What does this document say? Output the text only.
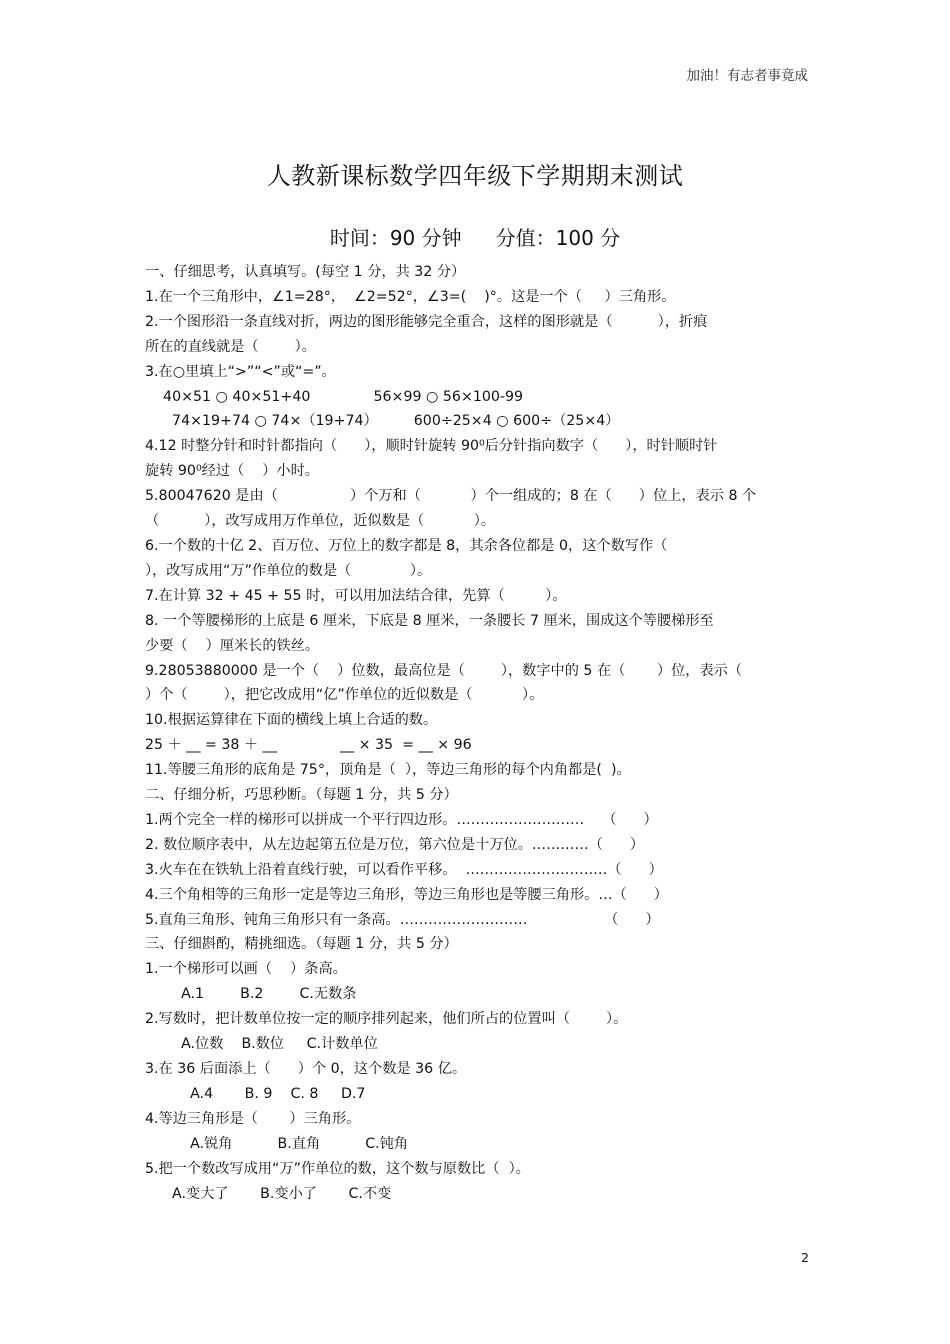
加油！有志者事竟成
人教新课标数学四年级下学期期末测试
时间：90 分钟 分值：100 分
一、仔细思考，认真填写。(每空 1 分，共 32 分）
1.在一个三角形中，∠1=28°，  ∠2=52°，∠3=(    )°。这是一个（     ）三角形。
2.一个图形沿一条直线对折，两边的图形能够完全重合，这样的图形就是（          ），折痕
所在的直线就是（        ）。
3.在○里填上“>”“<”或“=”。
40×51 ○ 40×51+40              56×99 ○ 56×100-99
74×19+74 ○ 74×（19+74）        600÷25×4 ○ 600÷（25×4）
4.12 时整分针和时针都指向（      ），顺时针旋转 90⁰后分针指向数字（      ），时针顺时针
旋转 90⁰经过（    ）小时。
5.80047620 是由（                ）个万和（           ）个一组成的；8 在（      ）位上，表示 8 个
（          ），改写成用万作单位，近似数是（           ）。
6.一个数的十亿 2、百万位、万位上的数字都是 8，其余各位都是 0，这个数写作（
），改写成用“万”作单位的数是（             ）。
7.在计算 32 + 45 + 55 时，可以用加法结合律，先算（         ）。
8. 一个等腰梯形的上底是 6 厘米，下底是 8 厘米，一条腰长 7 厘米，围成这个等腰梯形至
少要（    ）厘米长的铁丝。
9.28053880000 是一个（    ）位数，最高位是（        ），数字中的 5 在（       ）位，表示（
）个（        ），把它改成用“亿”作单位的近似数是（           ）。
10.根据运算律在下面的横线上填上合适的数。
25 ＋ __ = 38 ＋ __              __ × 35  = __ × 96
11.等腰三角形的底角是 75°，顶角是（  ），等边三角形的每个内角都是(  )。
二、仔细分析，巧思秒断。（每题 1 分，共 5 分）
1.两个完全一样的梯形可以拼成一个平行四边形。………………………    （      ）
2. 数位顺序表中，从左边起第五位是万位，第六位是十万位。…………（      ）
3.火车在在铁轨上沿着直线行驶，可以看作平移。  …………………………（      ）
4.三个角相等的三角形一定是等边三角形，等边三角形也是等腰三角形。…（      ）
5.直角三角形、钝角三角形只有一条高。………………………                 （      ）
三、仔细斟酌，精挑细选。（每题 1 分，共 5 分）
1.一个梯形可以画（    ）条高。
A.1        B.2        C.无数条
2.写数时，把计数单位按一定的顺序排列起来，他们所占的位置叫（        ）。
A.位数    B.数位     C.计数单位
3.在 36 后面添上（      ）个 0，这个数是 36 亿。
A.4       B. 9    C. 8     D.7
4.等边三角形是（       ）三角形。
A.锐角          B.直角          C.钝角
5.把一个数改写成用“万”作单位的数，这个数与原数比（  ）。
A.变大了       B.变小了       C.不变
2
